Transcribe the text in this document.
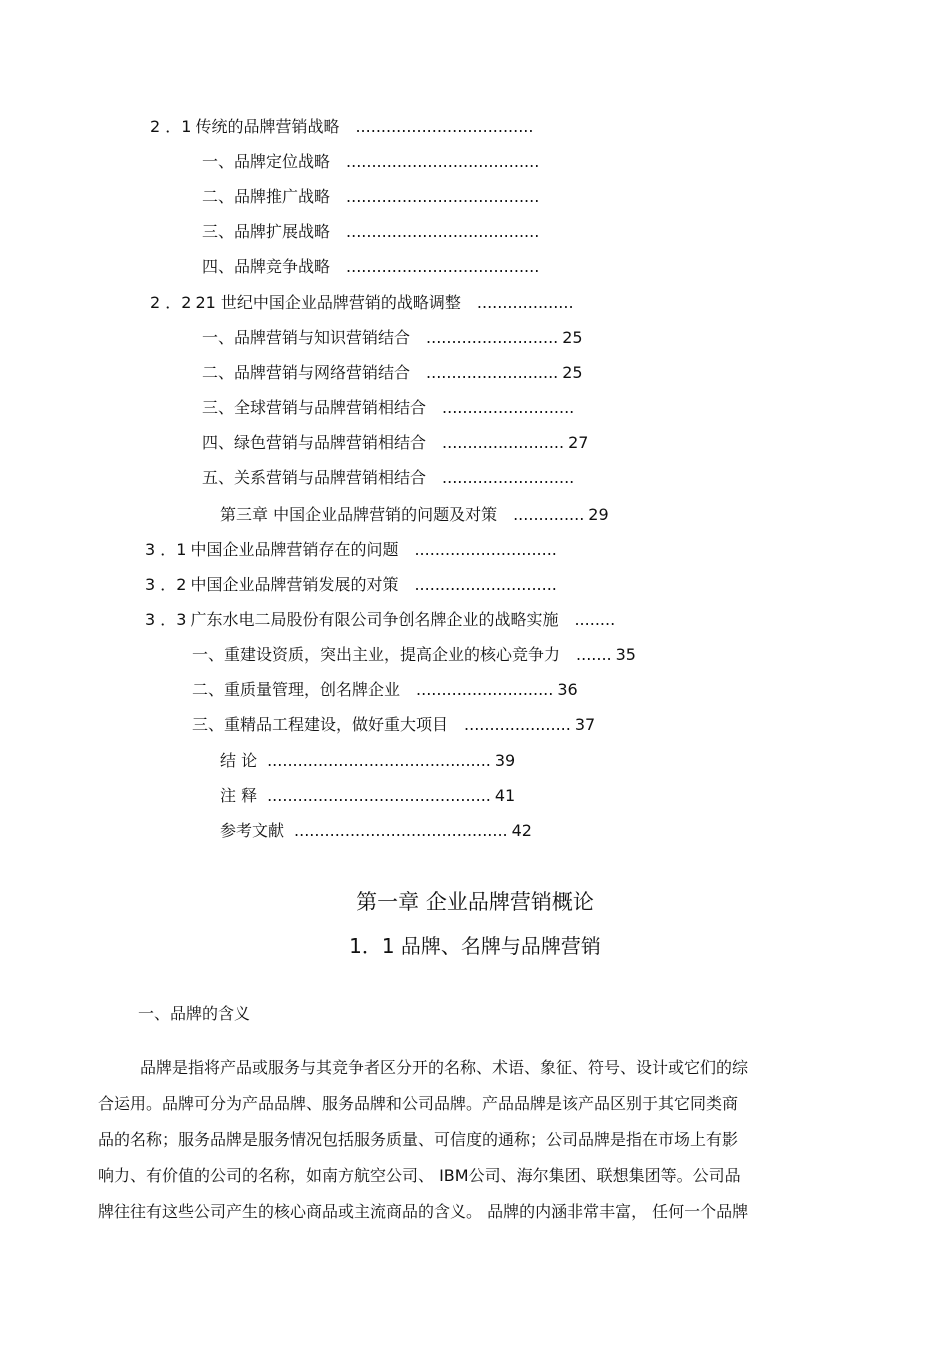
2 ．1 传统的品牌营销战略 ...................................
一、品牌定位战略 ......................................
二、品牌推广战略 ......................................
三、品牌扩展战略 ......................................
四、品牌竞争战略 ......................................
2 ．2 21 世纪中国企业品牌营销的战略调整 ...................
一、品牌营销与知识营销结合 .......................... 25
二、品牌营销与网络营销结合 .......................... 25
三、全球营销与品牌营销相结合 ..........................
四、绿色营销与品牌营销相结合 ........................ 27
五、关系营销与品牌营销相结合 ..........................
第三章 中国企业品牌营销的问题及对策 .............. 29
3 ．1 中国企业品牌营销存在的问题 ............................
3 ．2 中国企业品牌营销发展的对策 ............................
3 ．3 广东水电二局股份有限公司争创名牌企业的战略实施 ........
一、重建设资质，突出主业，提高企业的核心竞争力 ....... 35
二、重质量管理，创名牌企业 ........................... 36
三、重精品工程建设，做好重大项目 ..................... 37
结 论 ............................................ 39
注 释 ............................................ 41
参考文献 .......................................... 42
第一章 企业品牌营销概论
1．1 品牌、名牌与品牌营销
一、品牌的含义
品牌是指将产品或服务与其竞争者区分开的名称、术语、象征、符号、设计或它们的综
合运用。品牌可分为产品品牌、服务品牌和公司品牌。产品品牌是该产品区别于其它同类商
品的名称；服务品牌是服务情况包括服务质量、可信度的通称；公司品牌是指在市场上有影
响力、有价值的公司的名称，如南方航空公司、 IBM公司、海尔集团、联想集团等。公司品
牌往往有这些公司产生的核心商品或主流商品的含义。 品牌的内涵非常丰富， 任何一个品牌
